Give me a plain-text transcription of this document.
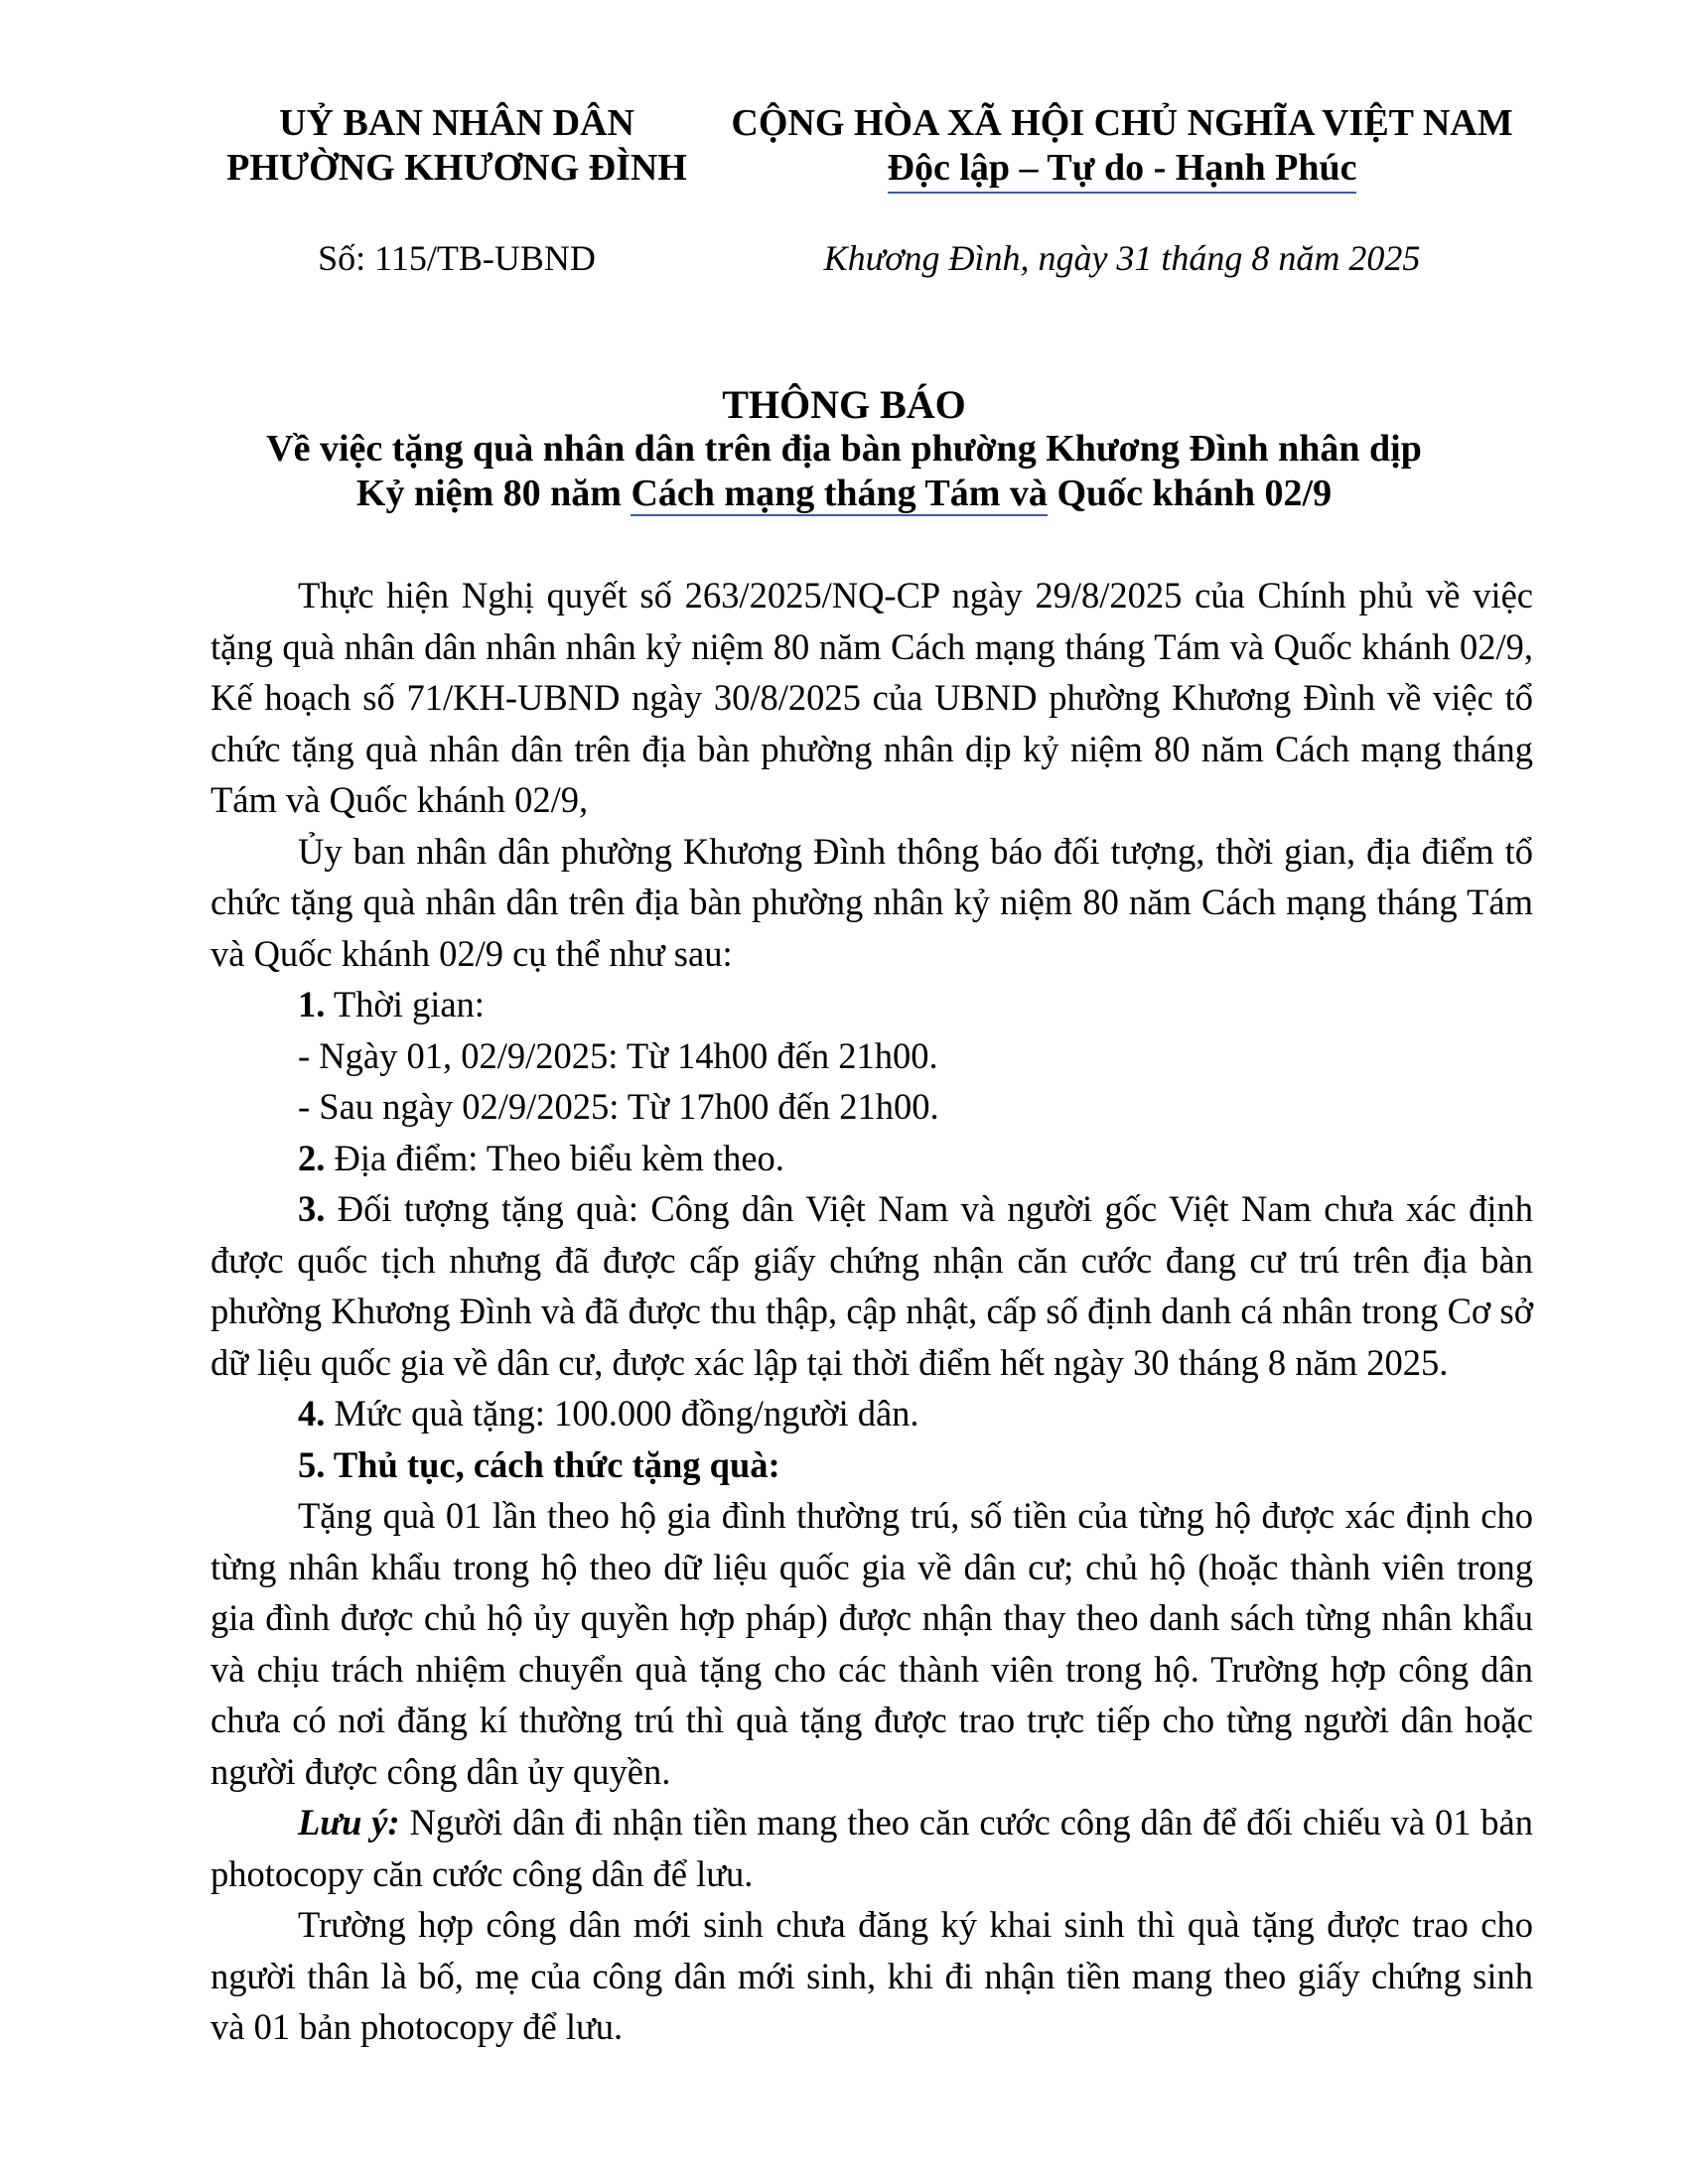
UỶ BAN NHÂN DÂN
PHƯỜNG KHƯƠNG ĐÌNH
CỘNG HÒA XÃ HỘI CHỦ NGHĨA VIỆT NAM
Độc lập – Tự do - Hạnh Phúc
Số: 115/TB-UBND	Khương Đình, ngày 31 tháng 8 năm 2025
THÔNG BÁO
Về việc tặng quà nhân dân trên địa bàn phường Khương Đình nhân dịp
Kỷ niệm 80 năm Cách mạng tháng Tám và Quốc khánh 02/9

Thực hiện Nghị quyết số 263/2025/NQ-CP ngày 29/8/2025 của Chính phủ về việc tặng quà nhân dân nhân nhân kỷ niệm 80 năm Cách mạng tháng Tám và Quốc khánh 02/9, Kế hoạch số 71/KH-UBND ngày 30/8/2025 của UBND phường Khương Đình về việc tổ chức tặng quà nhân dân trên địa bàn phường nhân dịp kỷ niệm 80 năm Cách mạng tháng Tám và Quốc khánh 02/9,

Ủy ban nhân dân phường Khương Đình thông báo đối tượng, thời gian, địa điểm tổ chức tặng quà nhân dân trên địa bàn phường nhân kỷ niệm 80 năm Cách mạng tháng Tám và Quốc khánh 02/9 cụ thể như sau:

1. Thời gian:

- Ngày 01, 02/9/2025: Từ 14h00 đến 21h00.

- Sau ngày 02/9/2025: Từ 17h00 đến 21h00.

2. Địa điểm: Theo biểu kèm theo.

3. Đối tượng tặng quà: Công dân Việt Nam và người gốc Việt Nam chưa xác định được quốc tịch nhưng đã được cấp giấy chứng nhận căn cước đang cư trú trên địa bàn phường Khương Đình và đã được thu thập, cập nhật, cấp số định danh cá nhân trong Cơ sở dữ liệu quốc gia về dân cư, được xác lập tại thời điểm hết ngày 30 tháng 8 năm 2025.

4. Mức quà tặng: 100.000 đồng/người dân.

5. Thủ tục, cách thức tặng quà:

Tặng quà 01 lần theo hộ gia đình thường trú, số tiền của từng hộ được xác định cho từng nhân khẩu trong hộ theo dữ liệu quốc gia về dân cư; chủ hộ (hoặc thành viên trong gia đình được chủ hộ ủy quyền hợp pháp) được nhận thay theo danh sách từng nhân khẩu và chịu trách nhiệm chuyển quà tặng cho các thành viên trong hộ. Trường hợp công dân chưa có nơi đăng kí thường trú thì quà tặng được trao trực tiếp cho từng người dân hoặc người được công dân ủy quyền.

Lưu ý: Người dân đi nhận tiền mang theo căn cước công dân để đối chiếu và 01 bản photocopy căn cước công dân để lưu.

Trường hợp công dân mới sinh chưa đăng ký khai sinh thì quà tặng được trao cho người thân là bố, mẹ của công dân mới sinh, khi đi nhận tiền mang theo giấy chứng sinh và 01 bản photocopy để lưu.
